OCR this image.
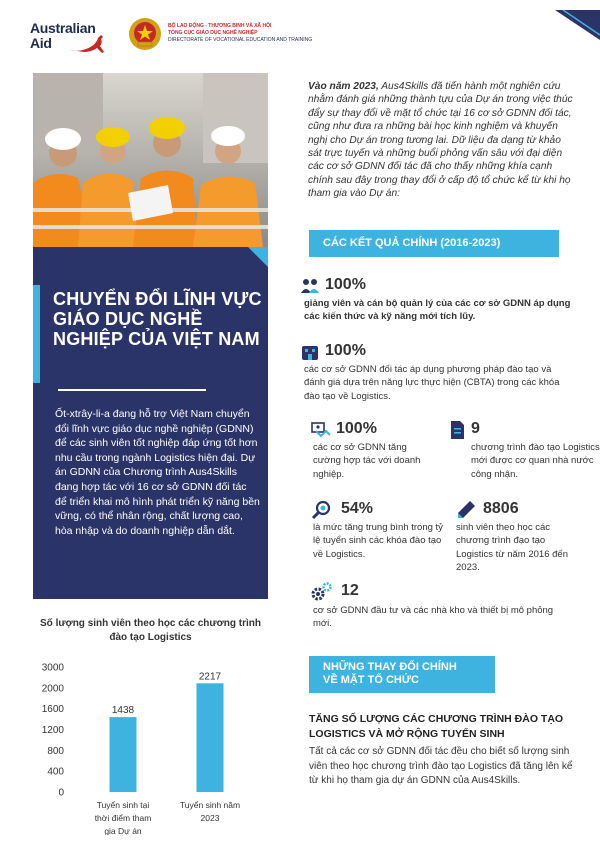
Australian
Aid
BỘ LAO ĐỘNG - THƯƠNG BINH VÀ XÃ HỘI
TỔNG CỤC GIÁO DỤC NGHỀ NGHIỆP
DIRECTORATE OF VOCATIONAL EDUCATION AND TRAINING
CHUYỂN ĐỔI LĨNH VỰC GIÁO DỤC NGHỀ NGHIỆP CỦA VIỆT NAM
Ốt-xtrây-li-a đang hỗ trợ Việt Nam chuyển đổi lĩnh vực giáo dục nghề nghiệp (GDNN) để các sinh viên tốt nghiệp đáp ứng tốt hơn nhu cầu trong ngành Logistics hiện đại. Dự án GDNN của Chương trình Aus4Skills đang hợp tác với 16 cơ sở GDNN đối tác để triển khai mô hình phát triển kỹ năng bền vững, có thể nhân rộng, chất lượng cao, hòa nhập và do doanh nghiệp dẫn dắt.
Số lượng sinh viên theo học các chương trình đào tạo Logistics
0
400
800
1200
1600
2000
3000
1438
Tuyển sinh tại
thời điểm tham
gia Dự án
2217
Tuyển sinh năm
2023
Vào năm 2023, Aus4Skills đã tiến hành một nghiên cứu nhằm đánh giá những thành tựu của Dự án trong việc thúc đẩy sự thay đổi về mặt tổ chức tại 16 cơ sở GDNN đối tác, cũng như đưa ra những bài học kinh nghiệm và khuyến nghị cho Dự án trong tương lai. Dữ liệu đa dạng từ khảo sát trực tuyến và những buổi phỏng vấn sâu với đại diện các cơ sở GDNN đối tác đã cho thấy những khía cạnh chính sau đây trong thay đổi ở cấp độ tổ chức kể từ khi họ tham gia vào Dự án:
CÁC KẾT QUẢ CHÍNH (2016-2023)
100%
giảng viên và cán bộ quản lý của các cơ sở GDNN áp dụng các kiến thức và kỹ năng mới tích lũy.
100%
các cơ sở GDNN đối tác áp dụng phương pháp đào tạo và đánh giá dựa trên năng lực thực hiện (CBTA) trong các khóa đào tạo về Logistics.
100%
các cơ sở GDNN tăng cường hợp tác với doanh nghiệp.
9
chương trình đào tạo Logistics mới được cơ quan nhà nước công nhận.
54%
là mức tăng trung bình trong tỷ lệ tuyển sinh các khóa đào tạo về Logistics.
8806
sinh viên theo học các chương trình đạo tạo Logistics từ năm 2016 đến 2023.
12
cơ sở GDNN đầu tư và các nhà kho và thiết bị mô phỏng mới.
NHỮNG THAY ĐỔI CHÍNH
VỀ MẶT TỔ CHỨC
TĂNG SỐ LƯỢNG CÁC CHƯƠNG TRÌNH ĐÀO TẠO LOGISTICS VÀ MỞ RỘNG TUYỂN SINH
Tất cả các cơ sở GDNN đối tác đều cho biết số lượng sinh viên theo học chương trình đào tạo Logistics đã tăng lên kể từ khi họ tham gia dự án GDNN của Aus4Skills.
